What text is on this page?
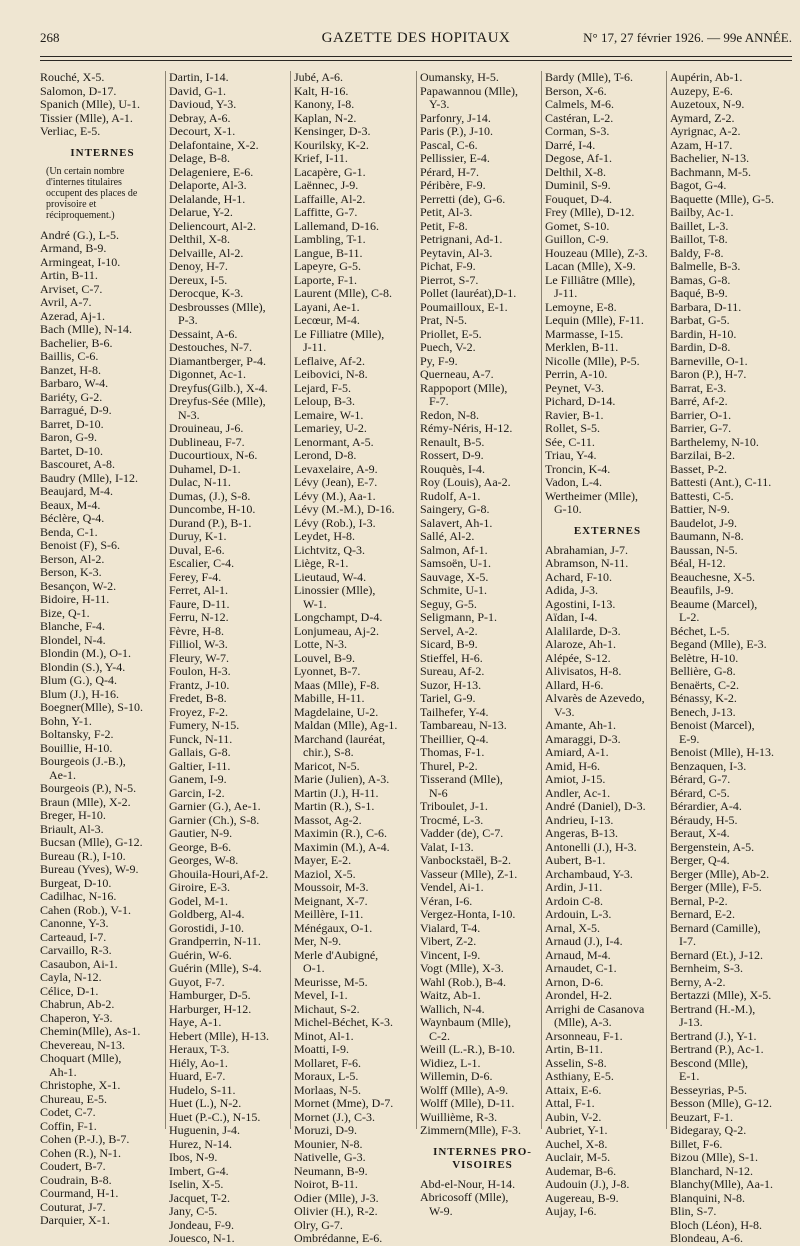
268	GAZETTE DES HOPITAUX	N° 17, 27 février 1926. — 99e ANNÉE.
Rouché, X-5.
Salomon, D-17.
Spanich (Mlle), U-1.
Tissier (Mlle), A-1.
Verliac, E-5.
INTERNES
(Un certain nombre d'internes titulaires occupent des places de provisoire et réciproquement.)
André (G.), L-5.
Armand, B-9.
Armingeat, I-10.
Artin, B-11.
Arviset, C-7.
Avril, A-7.
Azerad, Aj-1.
Bach (Mlle), N-14.
Bachelier, B-6.
Baillis, C-6.
Banzet, H-8.
Barbaro, W-4.
Bariéty, G-2.
Barragué, D-9.
Barret, D-10.
Baron, G-9.
Bartet, D-10.
Bascouret, A-8.
Baudry (Mlle), I-12.
Beaujard, M-4.
Beaux, M-4.
Béclère, Q-4.
Benda, C-1.
Benoist (F), S-6.
Berson, Al-2.
Berson, K-3.
Besançon, W-2.
Bidoire, H-11.
Bize, Q-1.
Blanche, F-4.
Blondel, N-4.
Blondin (M.), O-1.
Blondin (S.), Y-4.
Blum (G.), Q-4.
Blum (J.), H-16.
Boegner(Mlle), S-10.
Bohn, Y-1.
Boltansky, F-2.
Bouillie, H-10.
Bourgeois (J.-B.),
Ae-1.
Bourgeois (P.), N-5.
Braun (Mlle), X-2.
Breger, H-10.
Briault, Al-3.
Bucsan (Mlle), G-12.
Bureau (R.), I-10.
Bureau (Yves), W-9.
Burgeat, D-10.
Cadilhac, N-16.
Cahen (Rob.), V-1.
Canonne, Y-3.
Carteaud, I-7.
Carvaillo, R-3.
Casaubon, Ai-1.
Cayla, N-12.
Célice, D-1.
Chabrun, Ab-2.
Chaperon, Y-3.
Chemin(Mlle), As-1.
Chevereau, N-13.
Choquart (Mlle),
Ah-1.
Christophe, X-1.
Chureau, E-5.
Codet, C-7.
Coffin, F-1.
Cohen (P.-J.), B-7.
Cohen (R.), N-1.
Coudert, B-7.
Coudrain, B-8.
Courmand, H-1.
Couturat, J-7.
Darquier, X-1.
Dartin, I-14.
David, G-1.
Davioud, Y-3.
Debray, A-6.
Decourt, X-1.
Delafontaine, X-2.
Delage, B-8.
Delageniere, E-6.
Delaporte, Al-3.
Delalande, H-1.
Delarue, Y-2.
Deliencourt, Al-2.
Delthil, X-8.
Delvaille, Al-2.
Denoy, H-7.
Dereux, I-5.
Derocque, K-3.
Desbrousses (Mlle),
P-3.
Dessaint, A-6.
Destouches, N-7.
Diamantberger, P-4.
Digonnet, Ac-1.
Dreyfus(Gilb.), X-4.
Dreyfus-Sée (Mlle),
N-3.
Drouineau, J-6.
Dublineau, F-7.
Ducourtioux, N-6.
Duhamel, D-1.
Dulac, N-11.
Dumas, (J.), S-8.
Duncombe, H-10.
Durand (P.), B-1.
Duruy, K-1.
Duval, E-6.
Escalier, C-4.
Ferey, F-4.
Ferret, Al-1.
Faure, D-11.
Ferru, N-12.
Fèvre, H-8.
Filliol, W-3.
Fleury, W-7.
Foulon, H-3.
Frantz, J-10.
Fredet, B-8.
Froyez, F-2.
Fumery, N-15.
Funck, N-11.
Gallais, G-8.
Galtier, I-11.
Ganem, I-9.
Garcin, I-2.
Garnier (G.), Ae-1.
Garnier (Ch.), S-8.
Gautier, N-9.
George, B-6.
Georges, W-8.
Ghouila-Houri,Af-2.
Giroire, E-3.
Godel, M-1.
Goldberg, Al-4.
Gorostidi, J-10.
Grandperrin, N-11.
Guérin, W-6.
Guérin (Mlle), S-4.
Guyot, F-7.
Hamburger, D-5.
Harburger, H-12.
Haye, A-1.
Hebert (Mlle), H-13.
Heraux, T-3.
Hiély, Ao-1.
Huard, E-7.
Hudelo, S-11.
Huet (L.), N-2.
Huet (P.-C.), N-15.
Huguenin, J-4.
Hurez, N-14.
Ibos, N-9.
Imbert, G-4.
Iselin, X-5.
Jacquet, T-2.
Jany, C-5.
Jondeau, F-9.
Jouesco, N-1.
Jubé, A-6.
Kalt, H-16.
Kanony, I-8.
Kaplan, N-2.
Kensinger, D-3.
Kourilsky, K-2.
Krief, I-11.
Lacapère, G-1.
Laënnec, J-9.
Laffaille, Al-2.
Laffitte, G-7.
Lallemand, D-16.
Lambling, T-1.
Langue, B-11.
Lapeyre, G-5.
Laporte, F-1.
Laurent (Mlle), C-8.
Layani, Ae-1.
Lecœur, M-4.
Le Filliatre (Mlle),
J-11.
Leflaive, Af-2.
Leibovici, N-8.
Lejard, F-5.
Leloup, B-3.
Lemaire, W-1.
Lemariey, U-2.
Lenormant, A-5.
Lerond, D-8.
Levaxelaire, A-9.
Lévy (Jean), E-7.
Lévy (M.), Aa-1.
Lévy (M.-M.), D-16.
Lévy (Rob.), I-3.
Leydet, H-8.
Lichtvitz, Q-3.
Liège, R-1.
Lieutaud, W-4.
Linossier (Mlle),
W-1.
Longchampt, D-4.
Lonjumeau, Aj-2.
Lotte, N-3.
Louvel, B-9.
Lyonnet, B-7.
Maas (Mlle), F-8.
Mabille, H-11.
Magdelaine, U-2.
Maldan (Mlle), Ag-1.
Marchand (lauréat,
chir.), S-8.
Maricot, N-5.
Marie (Julien), A-3.
Martin (J.), H-11.
Martin (R.), S-1.
Massot, Ag-2.
Maximin (R.), C-6.
Maximin (M.), A-4.
Mayer, E-2.
Maziol, X-5.
Moussoir, M-3.
Meignant, X-7.
Meillère, I-11.
Ménégaux, O-1.
Mer, N-9.
Merle d'Aubigné,
O-1.
Meurisse, M-5.
Mevel, I-1.
Michaut, S-2.
Michel-Béchet, K-3.
Minot, Al-1.
Moatti, I-9.
Mollaret, F-6.
Moraux, L-5.
Morlaas, N-5.
Mornet (Mme), D-7.
Mornet (J.), C-3.
Moruzi, D-9.
Mounier, N-8.
Nativelle, G-3.
Neumann, B-9.
Noirot, B-11.
Odier (Mlle), J-3.
Olivier (H.), R-2.
Olry, G-7.
Ombrédanne, E-6.
Oumansky, H-5.
Papawannou (Mlle),
Y-3.
Parfonry, J-14.
Paris (P.), J-10.
Pascal, C-6.
Pellissier, E-4.
Pérard, H-7.
Péribère, F-9.
Perretti (de), G-6.
Petit, Al-3.
Petit, F-8.
Petrignani, Ad-1.
Peytavin, Al-3.
Pichat, F-9.
Pierrot, S-7.
Pollet (lauréat),D-1.
Poumailloux, E-1.
Prat, N-5.
Priollet, E-5.
Puech, V-2.
Py, F-9.
Querneau, A-7.
Rappoport (Mlle),
F-7.
Redon, N-8.
Rémy-Néris, H-12.
Renault, B-5.
Rossert, D-9.
Rouquès, I-4.
Roy (Louis), Aa-2.
Rudolf, A-1.
Saingery, G-8.
Salavert, Ah-1.
Sallé, Al-2.
Salmon, Af-1.
Samsoën, U-1.
Sauvage, X-5.
Schmite, U-1.
Seguy, G-5.
Seligmann, P-1.
Servel, A-2.
Sicard, B-9.
Stieffel, H-6.
Sureau, Af-2.
Suzor, H-13.
Tariel, G-9.
Tailhefer, Y-4.
Tambareau, N-13.
Theillier, Q-4.
Thomas, F-1.
Thurel, P-2.
Tisserand (Mlle),
N-6
Triboulet, J-1.
Trocmé, L-3.
Vadder (de), C-7.
Valat, I-13.
Vanbockstaël, B-2.
Vasseur (Mlle), Z-1.
Vendel, Ai-1.
Véran, I-6.
Vergez-Honta, I-10.
Vialard, T-4.
Vibert, Z-2.
Vincent, I-9.
Vogt (Mlle), X-3.
Wahl (Rob.), B-4.
Waitz, Ab-1.
Wallich, N-4.
Waynbaum (Mlle),
C-2.
Weill (L.-R.), B-10.
Widiez, L-1.
Willemin, D-6.
Wolff (Mlle), A-9.
Wolff (Mlle), D-11.
Wuillième, R-3.
Zimmern(Mlle), F-3.
INTERNES PRO-VISOIRES
Abd-el-Nour, H-14.
Abricosoff (Mlle),
W-9.
Bardy (Mlle), T-6.
Berson, X-6.
Calmels, M-6.
Castéran, L-2.
Corman, S-3.
Darré, I-4.
Degose, Af-1.
Delthil, X-8.
Duminil, S-9.
Fouquet, D-4.
Frey (Mlle), D-12.
Gomet, S-10.
Guillon, C-9.
Houzeau (Mlle), Z-3.
Lacan (Mlle), X-9.
Le Filliâtre (Mlle),
J-11.
Lemoyne, E-8.
Lequin (Mlle), F-11.
Marmasse, I-15.
Merklen, B-11.
Nicolle (Mlle), P-5.
Perrin, A-10.
Peynet, V-3.
Pichard, D-14.
Ravier, B-1.
Rollet, S-5.
Sée, C-11.
Triau, Y-4.
Troncin, K-4.
Vadon, L-4.
Wertheimer (Mlle),
G-10.
EXTERNES
Abrahamian, J-7.
Abramson, N-11.
Achard, F-10.
Adida, J-3.
Agostini, I-13.
Aïdan, I-4.
Alalilarde, D-3.
Alaroze, Ah-1.
Alépée, S-12.
Alivisatos, H-8.
Allard, H-6.
Alvarès de Azevedo,
V-3.
Amante, Ah-1.
Amaraggi, D-3.
Amiard, A-1.
Amid, H-6.
Amiot, J-15.
Andler, Ac-1.
André (Daniel), D-3.
Andrieu, I-13.
Angeras, B-13.
Antonelli (J.), H-3.
Aubert, B-1.
Archambaud, Y-3.
Ardin, J-11.
Ardoin C-8.
Ardouin, L-3.
Arnal, X-5.
Arnaud (J.), I-4.
Arnaud, M-4.
Arnaudet, C-1.
Arnon, D-6.
Arondel, H-2.
Arrighi de Casanova
(Mlle), A-3.
Arsonneau, F-1.
Artin, B-11.
Asselin, S-8.
Asthiany, E-5.
Attaix, E-6.
Attal, F-1.
Aubin, V-2.
Aubriet, Y-1.
Auchel, X-8.
Auclair, M-5.
Audemar, B-6.
Audouin (J.), J-8.
Augereau, B-9.
Aujay, I-6.
Aupérin, Ab-1.
Auzepy, E-6.
Auzetoux, N-9.
Aymard, Z-2.
Ayrignac, A-2.
Azam, H-17.
Bachelier, N-13.
Bachmann, M-5.
Bagot, G-4.
Baquette (Mlle), G-5.
Bailby, Ac-1.
Baillet, L-3.
Baillot, T-8.
Baldy, F-8.
Balmelle, B-3.
Bamas, G-8.
Baqué, B-9.
Barbara, D-11.
Barbat, G-5.
Bardin, H-10.
Bardin, D-8.
Barneville, O-1.
Baron (P.), H-7.
Barrat, E-3.
Barré, Af-2.
Barrier, O-1.
Barrier, G-7.
Barthelemy, N-10.
Barzilai, B-2.
Basset, P-2.
Battesti (Ant.), C-11.
Battesti, C-5.
Battier, N-9.
Baudelot, J-9.
Baumann, N-8.
Baussan, N-5.
Béal, H-12.
Beauchesne, X-5.
Beaufils, J-9.
Beaume (Marcel),
L-2.
Béchet, L-5.
Begand (Mlle), E-3.
Belètre, H-10.
Bellière, G-8.
Benaërts, C-2.
Bénassy, K-2.
Benech, J-13.
Benoist (Marcel),
E-9.
Benoist (Mlle), H-13.
Benzaquen, I-3.
Bérard, G-7.
Bérard, C-5.
Bérardier, A-4.
Béraudy, H-5.
Beraut, X-4.
Bergenstein, A-5.
Berger, Q-4.
Berger (Mlle), Ab-2.
Berger (Mlle), F-5.
Bernal, P-2.
Bernard, E-2.
Bernard (Camille),
I-7.
Bernard (Et.), J-12.
Bernheim, S-3.
Berny, A-2.
Bertazzi (Mlle), X-5.
Bertrand (H.-M.),
J-13.
Bertrand (J.), Y-1.
Bertrand (P.), Ac-1.
Bescond (Mlle),
E-1.
Besseyrias, P-5.
Besson (Mlle), G-12.
Beuzart, F-1.
Bidegaray, Q-2.
Billet, F-6.
Bizou (Mlle), S-1.
Blanchard, N-12.
Blanchy(Mlle), Aa-1.
Blanquini, N-8.
Blin, S-7.
Bloch (Léon), H-8.
Blondeau, A-6.
